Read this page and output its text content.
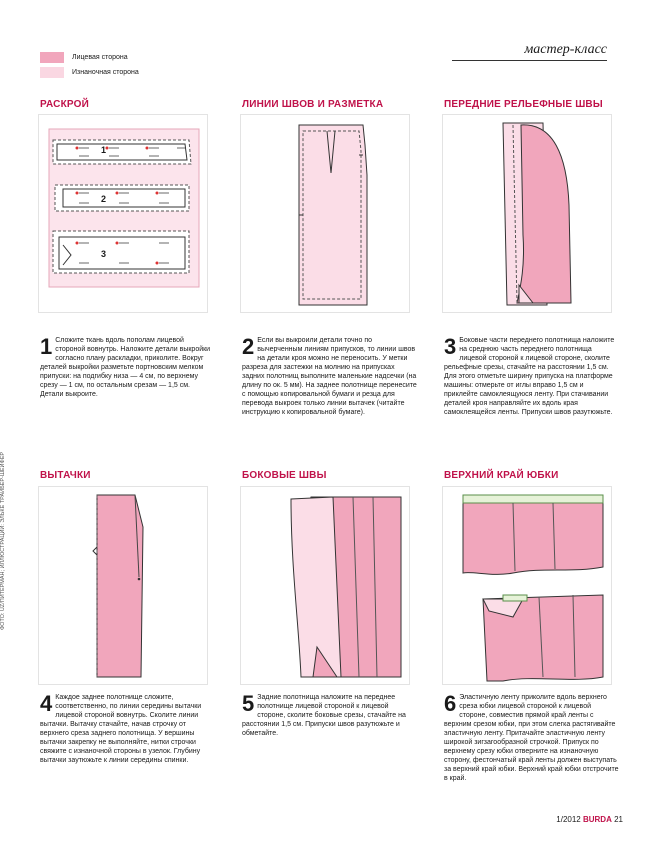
Лицевая сторона
Изнаночная сторона
мастер-класс
РАСКРОЙ	ЛИНИИ ШВОВ И РАЗМЕТКА	ПЕРЕДНИЕ РЕЛЬЕФНЫЕ ШВЫ
ВЫТАЧКИ	БОКОВЫЕ ШВЫ	ВЕРХНИЙ КРАЙ ЮБКИ
1
2
3
1 Сложите ткань вдоль пополам лицевой стороной вовнутрь. Наложите детали выкройки согласно плану раскладки, приколите. Вокруг деталей выкройки разметьте портновским мелком припуски: на подгибку низа — 4 см, по верхнему срезу — 1 см, по остальным срезам — 1,5 см. Детали выкроите.
2 Если вы выкроили детали точно по вычерченным линиям припусков, то линии швов на детали кроя можно не переносить. У метки разреза для застежки на молнию на припусках задних полотнищ выполните маленькие надсечки (на длину по ок. 5 мм). На заднее полотнище перенесите с помощью копировальной бумаги и резца для перевода выкроек только линии вытачек (читайте инструкцию к копировальной бумаге).
3 Боковые части переднего полотнища наложите на среднюю часть переднего полотнища лицевой стороной к лицевой стороне, сколите рельефные срезы, стачайте на расстоянии 1,5 см. Для этого отметьте ширину припуска на платформе машины: отмерьте от иглы вправо 1,5 см и приклейте самоклеящуюся ленту. При стачивании деталей кроя направляйте их вдоль края самоклеящейся ленты. Припуски швов разутюжьте.
4 Каждое заднее полотнище сложите, соответственно, по линии середины вытачки лицевой стороной вовнутрь. Сколите линии вытачки. Вытачку стачайте, начав строчку от верхнего среза заднего полотнища. У вершины вытачки закрепку не выполняйте, нитки строчки свяжите с изнаночной стороны в узелок. Глубину вытачки заутюжьте к линии середины спинки.
5 Задние полотнища наложите на переднее полотнище лицевой стороной к лицевой стороне, сколите боковые срезы, стачайте на расстоянии 1,5 см. Припуски швов разутюжьте и обметайте.
6 Эластичную ленту приколите вдоль верхнего среза юбки лицевой стороной к лицевой стороне, совместив прямой край ленты с верхним срезом юбки, при этом слегка растягивайте эластичную ленту. Притачайте эластичную ленту широкой зигзагообразной строчкой. Припуск по верхнему срезу юбки отверните на изнаночную сторону, фестончатый край ленты должен выступать за верхний край юбки. Верхний край юбки отстрочите в край.
1/2012 BURDA 21
ФОТО: UZ/ПИТЕРМАН; ИЛЛЮСТРАЦИИ: ЭЛЬКЕ ТРАЙБЕР-ШЕЙФЕР
